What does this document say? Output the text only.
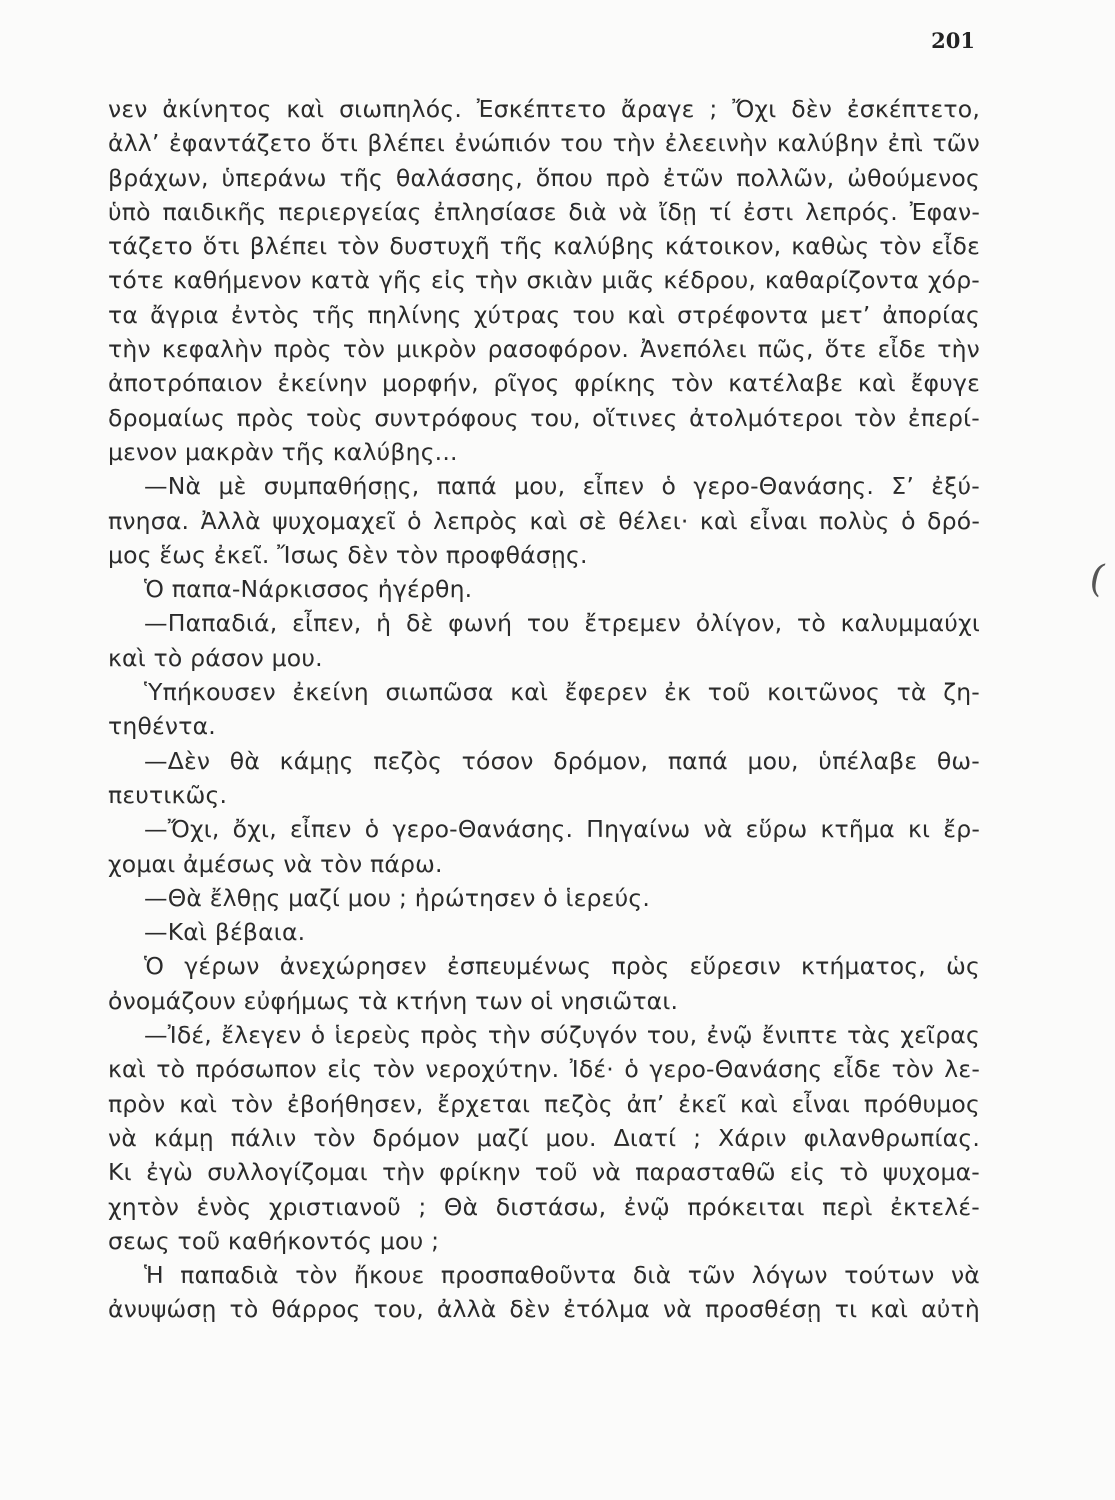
201
νεν ἀκίνητος καὶ σιωπηλός. Ἐσκέπτετο ἄραγε ; Ὄχι δὲν ἐσκέπτετο,
ἀλλ’ ἐφαντάζετο ὅτι βλέπει ἐνώπιόν του τὴν ἐλεεινὴν καλύβην ἐπὶ τῶν
βράχων, ὑπεράνω τῆς θαλάσσης, ὅπου πρὸ ἐτῶν πολλῶν, ὠθούμενος
ὑπὸ παιδικῆς περιεργείας ἐπλησίασε διὰ νὰ ἴδῃ τί ἐστι λεπρός. Ἐφαν-
τάζετο ὅτι βλέπει τὸν δυστυχῆ τῆς καλύβης κάτοικον, καθὼς τὸν εἶδε
τότε καθήμενον κατὰ γῆς εἰς τὴν σκιὰν μιᾶς κέδρου, καθαρίζοντα χόρ-
τα ἄγρια ἐντὸς τῆς πηλίνης χύτρας του καὶ στρέφοντα μετ’ ἀπορίας
τὴν κεφαλὴν πρὸς τὸν μικρὸν ρασοφόρον. Ἀνεπόλει πῶς, ὅτε εἶδε τὴν
ἀποτρόπαιον ἐκείνην μορφήν, ρῖγος φρίκης τὸν κατέλαβε καὶ ἔφυγε
δρομαίως πρὸς τοὺς συντρόφους του, οἵτινες ἀτολμότεροι τὸν ἐπερί-
μενον μακρὰν τῆς καλύβης...
—Νὰ μὲ συμπαθήσῃς, παπά μου, εἶπεν ὁ γερο-Θανάσης. Σ’ ἐξύ-
πνησα. Ἀλλὰ ψυχομαχεῖ ὁ λεπρὸς καὶ σὲ θέλει· καὶ εἶναι πολὺς ὁ δρό-
μος ἕως ἐκεῖ. Ἴσως δὲν τὸν προφθάσῃς.
Ὁ παπα-Νάρκισσος ἠγέρθη.
—Παπαδιά, εἶπεν, ἡ δὲ φωνή του ἔτρεμεν ὀλίγον, τὸ καλυμμαύχι
καὶ τὸ ράσον μου.
Ὑπήκουσεν ἐκείνη σιωπῶσα καὶ ἔφερεν ἐκ τοῦ κοιτῶνος τὰ ζη-
τηθέντα.
—Δὲν θὰ κάμῃς πεζὸς τόσον δρόμον, παπά μου, ὑπέλαβε θω-
πευτικῶς.
—Ὄχι, ὄχι, εἶπεν ὁ γερο-Θανάσης. Πηγαίνω νὰ εὕρω κτῆμα κι ἔρ-
χομαι ἀμέσως νὰ τὸν πάρω.
—Θὰ ἔλθῃς μαζί μου ; ἠρώτησεν ὁ ἱερεύς.
—Καὶ βέβαια.
Ὁ γέρων ἀνεχώρησεν ἐσπευμένως πρὸς εὕρεσιν κτήματος, ὡς
ὀνομάζουν εὐφήμως τὰ κτήνη των οἱ νησιῶται.
—Ἰδέ, ἔλεγεν ὁ ἱερεὺς πρὸς τὴν σύζυγόν του, ἐνῷ ἔνιπτε τὰς χεῖρας
καὶ τὸ πρόσωπον εἰς τὸν νεροχύτην. Ἰδέ· ὁ γερο-Θανάσης εἶδε τὸν λε-
πρὸν καὶ τὸν ἐβοήθησεν, ἔρχεται πεζὸς ἀπ’ ἐκεῖ καὶ εἶναι πρόθυμος
νὰ κάμῃ πάλιν τὸν δρόμον μαζί μου. Διατί ; Χάριν φιλανθρωπίας.
Κι ἐγὼ συλλογίζομαι τὴν φρίκην τοῦ νὰ παρασταθῶ εἰς τὸ ψυχομα-
χητὸν ἑνὸς χριστιανοῦ ; Θὰ διστάσω, ἐνῷ πρόκειται περὶ ἐκτελέ-
σεως τοῦ καθήκοντός μου ;
Ἡ παπαδιὰ τὸν ἤκουε προσπαθοῦντα διὰ τῶν λόγων τούτων νὰ
ἀνυψώσῃ τὸ θάρρος του, ἀλλὰ δὲν ἐτόλμα νὰ προσθέσῃ τι καὶ αὐτὴ
(
